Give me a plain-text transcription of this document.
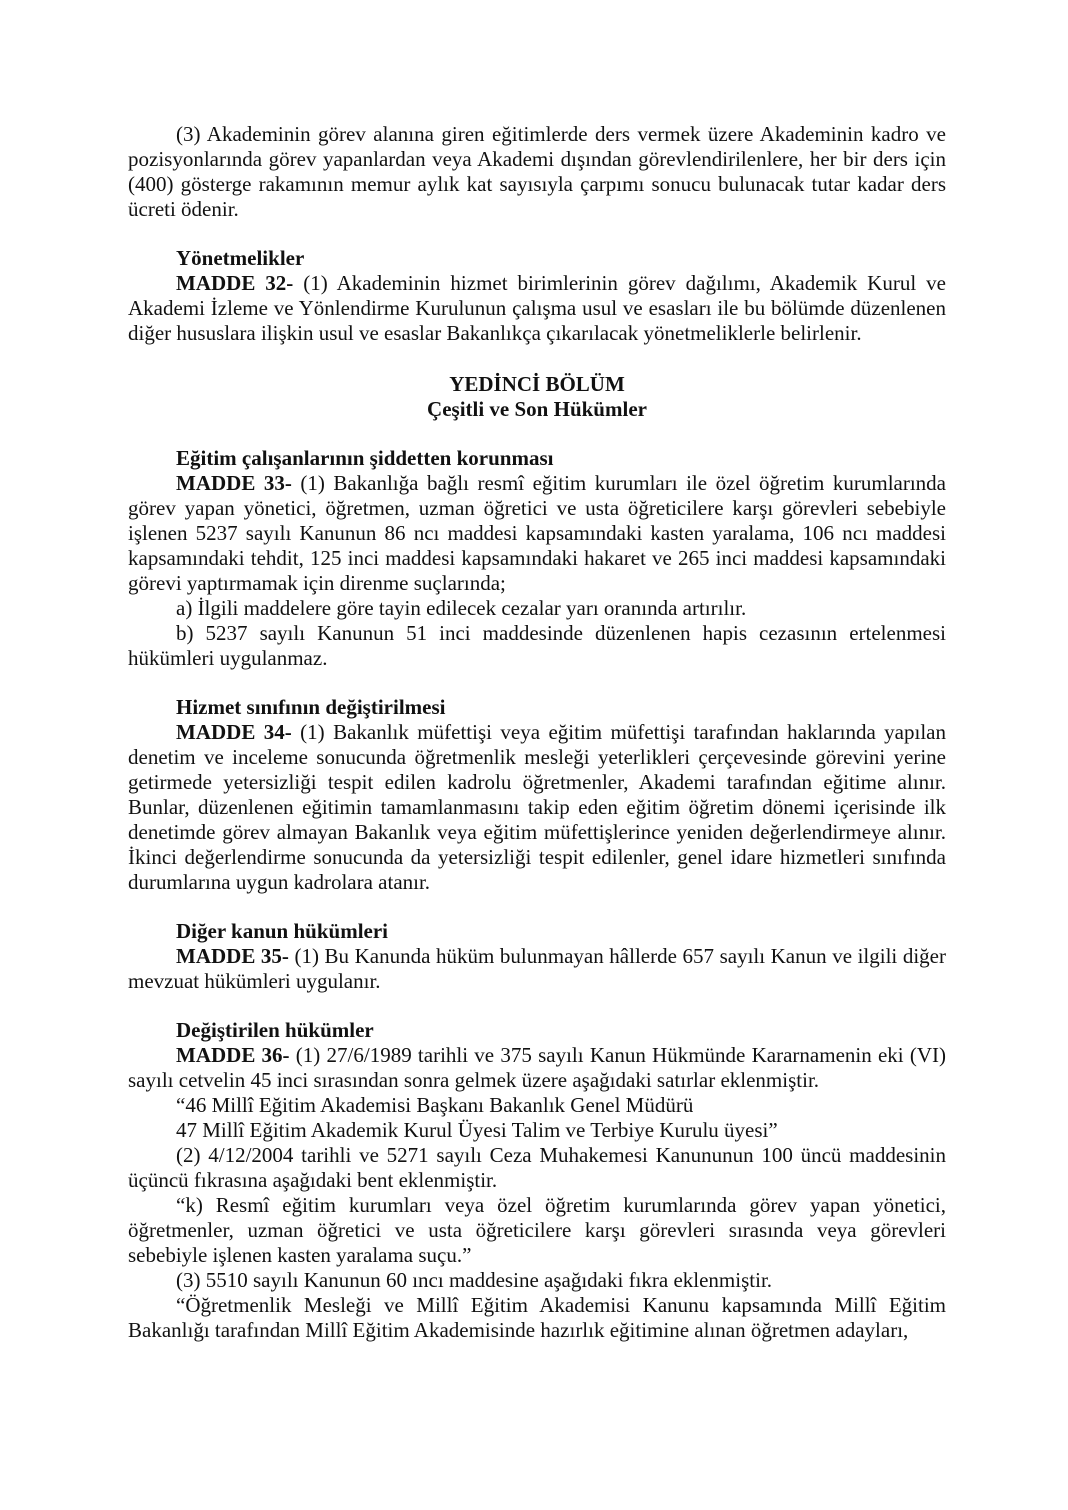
(3) Akademinin görev alanına giren eğitimlerde ders vermek üzere Akademinin kadro ve pozisyonlarında görev yapanlardan veya Akademi dışından görevlendirilenlere, her bir ders için (400) gösterge rakamının memur aylık kat sayısıyla çarpımı sonucu bulunacak tutar kadar ders ücreti ödenir.

Yönetmelikler

MADDE 32- (1) Akademinin hizmet birimlerinin görev dağılımı, Akademik Kurul ve Akademi İzleme ve Yönlendirme Kurulunun çalışma usul ve esasları ile bu bölümde düzenlenen diğer hususlara ilişkin usul ve esaslar Bakanlıkça çıkarılacak yönetmeliklerle belirlenir.

YEDİNCİ BÖLÜM

Çeşitli ve Son Hükümler

Eğitim çalışanlarının şiddetten korunması

MADDE 33- (1) Bakanlığa bağlı resmî eğitim kurumları ile özel öğretim kurumlarında görev yapan yönetici, öğretmen, uzman öğretici ve usta öğreticilere karşı görevleri sebebiyle işlenen 5237 sayılı Kanunun 86 ncı maddesi kapsamındaki kasten yaralama, 106 ncı maddesi kapsamındaki tehdit, 125 inci maddesi kapsamındaki hakaret ve 265 inci maddesi kapsamındaki görevi yaptırmamak için direnme suçlarında;

a) İlgili maddelere göre tayin edilecek cezalar yarı oranında artırılır.

b) 5237 sayılı Kanunun 51 inci maddesinde düzenlenen hapis cezasının ertelenmesi hükümleri uygulanmaz.

Hizmet sınıfının değiştirilmesi

MADDE 34- (1) Bakanlık müfettişi veya eğitim müfettişi tarafından haklarında yapılan denetim ve inceleme sonucunda öğretmenlik mesleği yeterlikleri çerçevesinde görevini yerine getirmede yetersizliği tespit edilen kadrolu öğretmenler, Akademi tarafından eğitime alınır. Bunlar, düzenlenen eğitimin tamamlanmasını takip eden eğitim öğretim dönemi içerisinde ilk denetimde görev almayan Bakanlık veya eğitim müfettişlerince yeniden değerlendirmeye alınır. İkinci değerlendirme sonucunda da yetersizliği tespit edilenler, genel idare hizmetleri sınıfında durumlarına uygun kadrolara atanır.

Diğer kanun hükümleri

MADDE 35- (1) Bu Kanunda hüküm bulunmayan hâllerde 657 sayılı Kanun ve ilgili diğer mevzuat hükümleri uygulanır.

Değiştirilen hükümler

MADDE 36- (1) 27/6/1989 tarihli ve 375 sayılı Kanun Hükmünde Kararnamenin eki (VI) sayılı cetvelin 45 inci sırasından sonra gelmek üzere aşağıdaki satırlar eklenmiştir.

“46 Millî Eğitim Akademisi Başkanı Bakanlık Genel Müdürü

47 Millî Eğitim Akademik Kurul Üyesi Talim ve Terbiye Kurulu üyesi”

(2) 4/12/2004 tarihli ve 5271 sayılı Ceza Muhakemesi Kanununun 100 üncü maddesinin üçüncü fıkrasına aşağıdaki bent eklenmiştir.

“k) Resmî eğitim kurumları veya özel öğretim kurumlarında görev yapan yönetici, öğretmenler, uzman öğretici ve usta öğreticilere karşı görevleri sırasında veya görevleri sebebiyle işlenen kasten yaralama suçu.”

(3) 5510 sayılı Kanunun 60 ıncı maddesine aşağıdaki fıkra eklenmiştir.

“Öğretmenlik Mesleği ve Millî Eğitim Akademisi Kanunu kapsamında Millî Eğitim Bakanlığı tarafından Millî Eğitim Akademisinde hazırlık eğitimine alınan öğretmen adayları,
